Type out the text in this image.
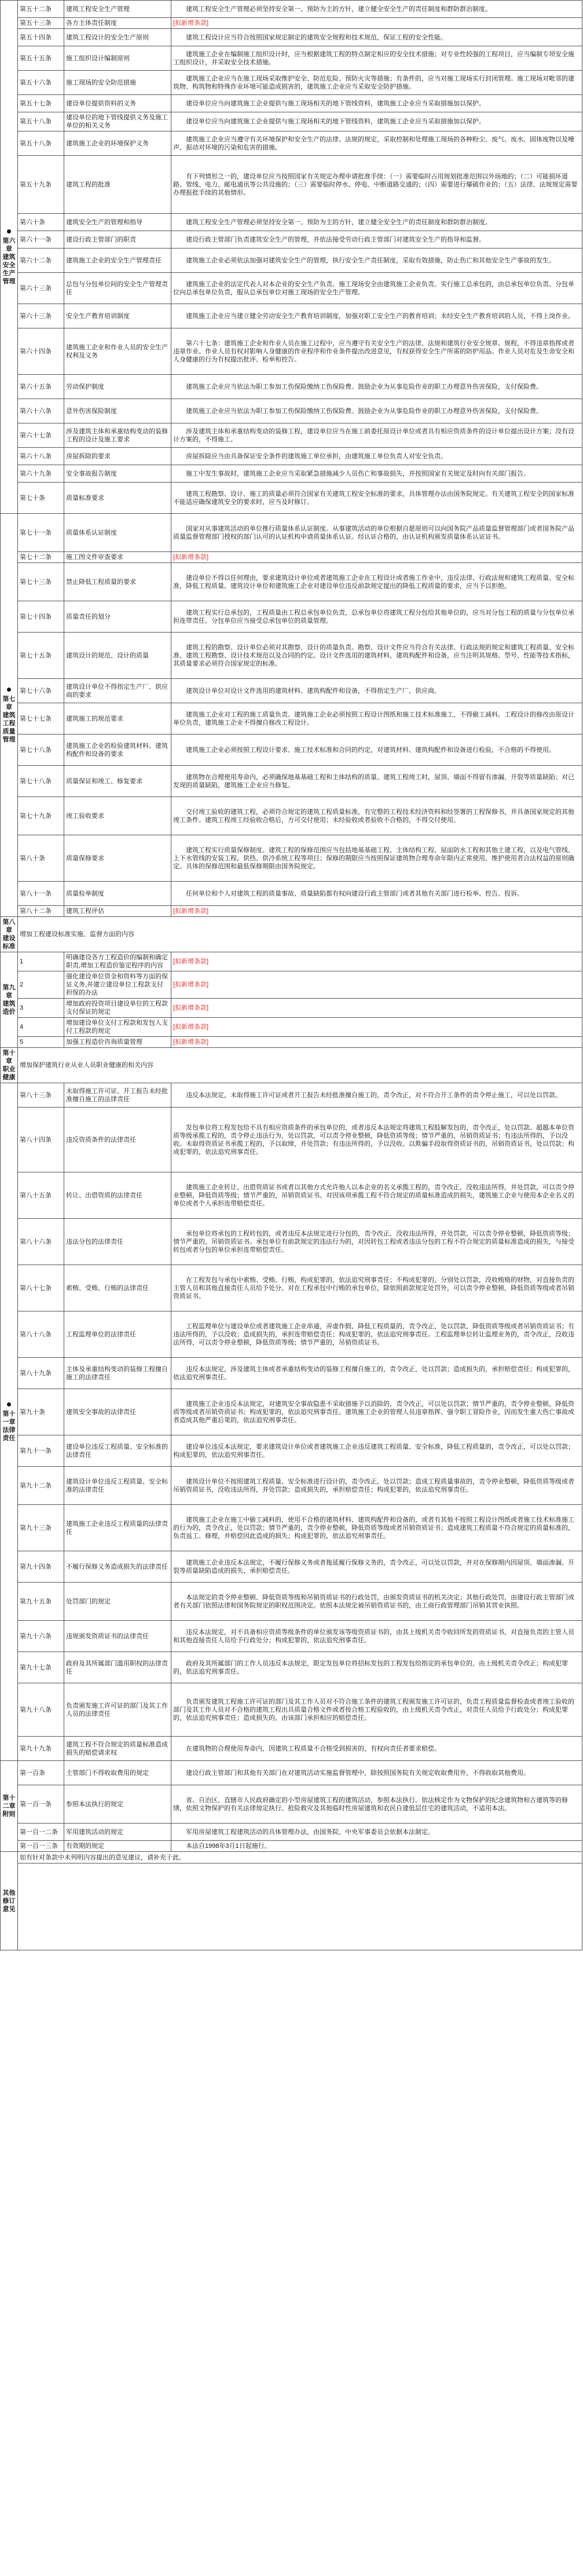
第六章 建筑安全生产管理	第五十二条	建筑工程安全生产管理	建筑工程安全生产管理必须坚持安全第一、预防为主的方针，建立健全安全生产的责任制度和群防群治制度。
	第五十三条	各方主体责任制度	[拟新增条款]
	第五十四条	建筑工程设计的安全生产原则	建筑工程设计应当符合按照国家规定制定的建筑安全规程和技术规范，保证工程的安全性能。
	第五十五条	施工组织设计编制原则	建筑施工企业在编制施工组织设计时，应当根据建筑工程的特点制定相应的安全技术措施；对专业性较强的工程项目，应当编制专项安全施工组织设计，并采取安全技术措施。
	第五十六条	施工现场的安全防范措施	建筑施工企业应当在施工现场采取维护安全、防范危险、预防火灾等措施；有条件的，应当对施工现场实行封闭管理。施工现场对毗邻的建筑物、构筑物和特殊作业环境可能造成损害的，建筑施工企业应当采取安全防护措施。
	第五十七条	建设单位提供资料的义务	建设单位应当向建筑施工企业提供与施工现场相关的地下管线资料，建筑施工企业应当采取措施加以保护。
	第五十八条	建设单位的地下管线提供义务及施工单位的相关义务	建设单位应当向建筑施工企业提供与施工现场相关的地下管线资料，建筑施工企业应当采取措施加以保护。
	第五十八条	建筑施工企业的环境保护义务	建筑施工企业应当遵守有关环境保护和安全生产的法律、法规的规定，采取控制和处理施工现场的各种粉尘、废气、废水、固体废物以及噪声、振动对环境的污染和危害的措施。
	第五十九条	建筑工程的批准	有下列情形之一的，建设单位应当按照国家有关规定办理申请批准手续：（一）需要临时占用规划批准范围以外场地的；（二）可能损坏道路、管线、电力、邮电通讯等公共设施的；（三）需要临时停水、停电、中断道路交通的；（四）需要进行爆破作业的；（五）法律、法规规定需要办理报批手续的其他情形。
	第六十条	建筑安全生产的管理和指导	建筑工程安全生产管理必须坚持安全第一、预防为主的方针，建立健全安全生产的责任制度和群防群治制度。
	第六十一条	建设行政主管部门的职责	建设行政主管部门负责建筑安全生产的管理，并依法接受劳动行政主管部门对建筑安全生产的指导和监督。
	第六十二条	建筑施工企业的安全生产管理责任	建筑施工企业必须依法加强对建筑安全生产的管理，执行安全生产责任制度，采取有效措施，防止伤亡和其他安全生产事故的发生。
	第六十三条	总包与分包单位间的安全生产管理责任	建筑施工企业的法定代表人对本企业的安全生产负责。施工现场安全由建筑施工企业负责。实行施工总承包的，由总承包单位负责。分包单位向总承包单位负责，服从总承包单位对施工现场的安全生产管理。
	第六十三条	安全生产教育培训制度	建筑施工企业应当建立健全劳动安全生产教育培训制度，加强对职工安全生产的教育培训；未经安全生产教育培训的人员，不得上岗作业。
	第六十四条	建筑施工企业和作业人员的安全生产权利及义务	第六十七条：建筑施工企业和作业人员在施工过程中，应当遵守有关安全生产的法律、法规和建筑行业安全规章、规程，不得违章指挥或者违章作业。作业人员有权对影响人身健康的作业程序和作业条件提出改进意见，有权获得安全生产所需的防护用品。作业人员对危及生命安全和人身健康的行为有权提出批评、检举和控告。
	第六十五条	劳动保护制度	建筑施工企业应当依法为职工参加工伤保险缴纳工伤保险费。鼓励企业为从事危险作业的职工办理意外伤害保险，支付保险费。
	第六十六条	意外伤害保险制度	建筑施工企业应当依法为职工参加工伤保险缴纳工伤保险费。鼓励企业为从事危险作业的职工办理意外伤害保险，支付保险费。
	第六十七条	涉及建筑主体和承重结构变动的装修工程的设计及施工要求	涉及建筑主体和承重结构变动的装修工程，建设单位应当在施工前委托原设计单位或者具有相应资质条件的设计单位提出设计方案；没有设计方案的，不得施工。
	第六十八条	房屋拆除的要求	房屋拆除应当由具备保证安全条件的建筑施工单位承担，由建筑施工单位负责人对安全负责。
	第六十九条	安全事故报告制度	施工中发生事故时，建筑施工企业应当采取紧急措施减少人员伤亡和事故损失，并按照国家有关规定及时向有关部门报告。
	第七十条	质量标准要求	建筑工程勘察、设计、施工的质量必须符合国家有关建筑工程安全标准的要求，具体管理办法由国务院规定。有关建筑工程安全的国家标准不能适应确保建筑安全的要求时，应当及时修订。

第七章 建筑工程质量管理	第七十一条	质量体系认证制度	国家对从事建筑活动的单位推行质量体系认证制度。从事建筑活动的单位根据自愿原则可以向国务院产品质量监督管理部门或者国务院产品质量监督管理部门授权的部门认可的认证机构申请质量体系认证。经认证合格的，由认证机构颁发质量体系认证证书。
	第七十二条	施工图文件审查要求	[拟新增条款]
	第七十三条	禁止降低工程质量的要求	建设单位不得以任何理由，要求建筑设计单位或者建筑施工企业在工程设计或者施工作业中，违反法律、行政法规和建筑工程质量、安全标准，降低工程质量。建筑设计单位和建筑施工企业对建设单位违反前款规定提出的降低工程质量的要求，应当予以拒绝。
	第七十四条	质量责任的划分	建筑工程实行总承包的，工程质量由工程总承包单位负责，总承包单位将建筑工程分包给其他单位的，应当对分包工程的质量与分包单位承担连带责任。分包单位应当接受总承包单位的质量管理。
	第七十五条	建筑设计的规范、设计的质量	建筑工程的勘察、设计单位必须对其勘察、设计的质量负责。勘察、设计文件应当符合有关法律、行政法规的规定和建筑工程质量、安全标准、建筑工程勘察、设计技术规范以及合同的约定。设计文件选用的建筑材料、建筑构配件和设备，应当注明其规格、型号、性能等技术指标，其质量要求必须符合国家规定的标准。
	第七十六条	建筑设计单位不得指定生产厂、供应商的要求	建筑设计单位对设计文件选用的建筑材料、建筑构配件和设备，不得指定生产厂、供应商。
	第七十七条	建筑施工的规范要求	建筑施工企业对工程的施工质量负责。建筑施工企业必须按照工程设计图纸和施工技术标准施工，不得偷工减料。工程设计的修改由原设计单位负责，建筑施工企业不得擅自修改工程设计。
	第七十八条	建筑施工企业的检验建筑材料、建筑构配件和设备的要求	建筑施工企业必须按照工程设计要求、施工技术标准和合同的约定，对建筑材料、建筑构配件和设备进行检验，不合格的不得使用。
	第七十八条	质量保证和竣工、修复要求	建筑物在合理使用寿命内，必须确保地基基础工程和主体结构的质量。建筑工程竣工时，屋顶、墙面不得留有渗漏、开裂等质量缺陷；对已发现的质量缺陷，建筑施工企业应当修复。
	第七十九条	竣工验收要求	交付竣工验收的建筑工程，必须符合规定的建筑工程质量标准，有完整的工程技术经济资料和经签署的工程保修书，并具备国家规定的其他竣工条件。建筑工程竣工经验收合格后，方可交付使用；未经验收或者验收不合格的，不得交付使用。
	第八十条	质量保修要求	建筑工程实行质量保修制度。建筑工程的保修范围应当包括地基基础工程、主体结构工程、屋面防水工程和其他土建工程，以及电气管线、上下水管线的安装工程，供热、供冷系统工程等项目；保修的期限应当按照保证建筑物合理寿命年限内正常使用，维护使用者合法权益的原则确定。具体的保修范围和最低保修期限由国务院规定。
	第八十一条	质量检举制度	任何单位和个人对建筑工程的质量事故、质量缺陷都有权向建设行政主管部门或者其他有关部门进行检举、控告、投诉。
	第八十二条	建筑工程评估	[拟新增条款]

第八章 建设标准	增加工程建设标准实施、监督方面的内容		

第九章 建筑造价	1	明确建设各方工程造价的编制和确定职责,增加工程造价鉴定程序的内容	[拟新增条款]
	2	强化建设单位资金和资料等方面的保证义务,并建立建设单位工程款支付担保的办法	[拟新增条款]
	3	增加政府投资项目建设单位的工程款支付保证的规定	[拟新增条款]
	4	增加建设单位支付工程款和发包人支付工程款的规定	[拟新增条款]
	5	加强工程造价咨询质量管理	[拟新增条款]

第十章 职业健康	增加保护建筑行业从业人员职业健康的相关内容		

第十一章 法律责任	第八十三条	未取得施工许可证、开工报告未经批准擅自施工的法律责任	违反本法规定，未取得施工许可证或者开工报告未经批准擅自施工的，责令改正，对不符合开工条件的责令停止施工，可以处以罚款。
	第八十四条	违反资质条件的法律责任	发包单位将工程发包给不具有相应资质条件的承包单位的，或者违反本法规定将建筑工程肢解发包的，责令改正，处以罚款。超越本单位资质等级承揽工程的，责令停止违法行为，处以罚款，可以责令停业整顿，降低资质等级；情节严重的，吊销资质证书；有违法所得的，予以没收。未取得资质证书承揽工程的，予以取缔，并处罚款；有违法所得的，予以没收。以欺骗手段取得资质证书的，吊销资质证书，处以罚款；构成犯罪的，依法追究刑事责任。
	第八十五条	转让、出借资质的法律责任	建筑施工企业转让、出借资质证书或者以其他方式允许他人以本企业的名义承揽工程的，责令改正，没收违法所得，并处罚款，可以责令停业整顿，降低资质等级；情节严重的，吊销资质证书。对因该项承揽工程不符合规定的质量标准造成的损失，建筑施工企业与使用本企业名义的单位或者个人承担连带赔偿责任。
	第八十六条	违法分包的法律责任	承包单位将承包的工程转包的，或者违反本法规定进行分包的，责令改正，没收违法所得，并处罚款，可以责令停业整顿，降低资质等级；情节严重的，吊销资质证书。承包单位有前款规定的违法行为的，对因转包工程或者违法分包的工程不符合规定的质量标准造成的损失，与接受转包或者分包的单位承担连带赔偿责任。
	第八十七条	索贿、受贿、行贿的法律责任	在工程发包与承包中索贿、受贿、行贿，构成犯罪的，依法追究刑事责任；不构成犯罪的，分别处以罚款，没收贿赂的财物，对直接负责的主管人员和其他直接责任人员给予处分。对在工程承包中行贿的承包单位，除依照前款规定处罚外，可以责令停业整顿，降低资质等级或者吊销资质证书。
	第八十八条	工程监理单位的法律责任	工程监理单位与建设单位或者建筑施工企业串通，弄虚作假、降低工程质量的，责令改正，处以罚款，降低资质等级或者吊销资质证书；有违法所得的，予以没收；造成损失的，承担连带赔偿责任；构成犯罪的，依法追究刑事责任。工程监理单位转让监理业务的，责令改正，没收违法所得，可以责令停业整顿，降低资质等级；情节严重的，吊销资质证书。
	第八十九条	主体及承重结构变动的装修工程擅自施工的法律责任	违反本法规定，涉及建筑主体或者承重结构变动的装修工程擅自施工的，责令改正，处以罚款；造成损失的，承担赔偿责任；构成犯罪的，依法追究刑事责任。
	第九十条	建筑安全事故的法律责任	建筑施工企业违反本法规定，对建筑安全事故隐患不采取措施予以消除的，责令改正，可以处以罚款；情节严重的，责令停业整顿，降低资质等级或者吊销资质证书；构成犯罪的，依法追究刑事责任。建筑施工企业的管理人员违章指挥、强令职工冒险作业，因而发生重大伤亡事故或者造成其他严重后果的，依法追究刑事责任。
	第九十一条	建设单位违反工程质量、安全标准的法律责任	建设单位违反本法规定，要求建筑设计单位或者建筑施工企业违反建筑工程质量、安全标准，降低工程质量的，责令改正，可以处以罚款；构成犯罪的，依法追究刑事责任。
	第九十二条	建筑设计单位违反工程质量、安全标准的法律责任	建筑设计单位不按照建筑工程质量、安全标准进行设计的，责令改正，处以罚款；造成工程质量事故的，责令停业整顿，降低资质等级或者吊销资质证书，没收违法所得，并处罚款；造成损失的，承担赔偿责任；构成犯罪的，依法追究刑事责任。
	第九十三条	建筑施工企业违反工程质量的法律责任	建筑施工企业在施工中偷工减料的，使用不合格的建筑材料、建筑构配件和设备的，或者有其他不按照工程设计图纸或者施工技术标准施工的行为的，责令改正，处以罚款；情节严重的，责令停业整顿，降低资质等级或者吊销资质证书；造成建筑工程质量不符合规定的质量标准的，负责返工、修理，并赔偿因此造成的损失；构成犯罪的，依法追究刑事责任。
	第九十四条	不履行保修义务造成损失的法律责任	建筑施工企业违反本法规定，不履行保修义务或者拖延履行保修义务的，责令改正，可以处以罚款，并对在保修期内因屋顶、墙面渗漏、开裂等质量缺陷造成的损失，承担赔偿责任。
	第九十五条	处罚部门的规定	本法规定的责令停业整顿、降低资质等级和吊销资质证书的行政处罚，由颁发资质证书的机关决定；其他行政处罚，由建设行政主管部门或者有关部门依照法律和国务院规定的职权范围决定。依照本法规定被吊销资质证书的，由工商行政管理部门吊销其营业执照。
	第九十六条	违规颁发资质证书的法律责任	违反本法规定，对不具备相应资质等级条件的单位颁发该等级资质证书的，由其上级机关责令收回所发的资质证书，对直接负责的主管人员和其他直接责任人员给予行政处分；构成犯罪的，依法追究刑事责任。
	第九十七条	政府及其所属部门滥用职权的法律责任	政府及其所属部门的工作人员违反本法规定，限定发包单位将招标发包的工程发包给指定的承包单位的，由上级机关责令改正；构成犯罪的，依法追究刑事责任。
	第九十八条	负责颁发施工许可证的部门及其工作人员的法律责任	负责颁发建筑工程施工许可证的部门及其工作人员对不符合施工条件的建筑工程颁发施工许可证的，负责工程质量监督检查或者竣工验收的部门及其工作人员对不合格的建筑工程出具质量合格文件或者按合格工程验收的，由上级机关责令改正，对责任人员给予行政处分；构成犯罪的，依法追究刑事责任；造成损失的，由该部门承担相应的赔偿责任。
	第九十九条	建筑工程不符合规定的质量标准造成损失的赔偿请求权	在建筑物的合理使用寿命内，因建筑工程质量不合格受到损害的，有权向责任者要求赔偿。

第十二章 附则	第一百条	主管部门不得收取费用的规定	建设行政主管部门和其他有关部门在对建筑活动实施监督管理中，除按照国务院有关规定收取费用外，不得收取其他费用。
	第一百一条	参照本法执行的规定	省、自治区、直辖市人民政府确定的小型房屋建筑工程的建筑活动，参照本法执行。依法核定作为文物保护的纪念建筑物和古建筑等的修缮，依照文物保护的有关法律规定执行。抢险救灾及其他临时性房屋建筑和农民自建低层住宅的建筑活动，不适用本法。
	第一百一二条	军用建筑活动的规定	军用房屋建筑工程建筑活动的具体管理办法，由国务院、中央军事委员会依据本法制定。
	第一百一三条	有效期的规定	本法自1998年3月1日起施行。

其他修订意见	如有针对条款中未列明内容提出的意见建议，请补充于此。		
